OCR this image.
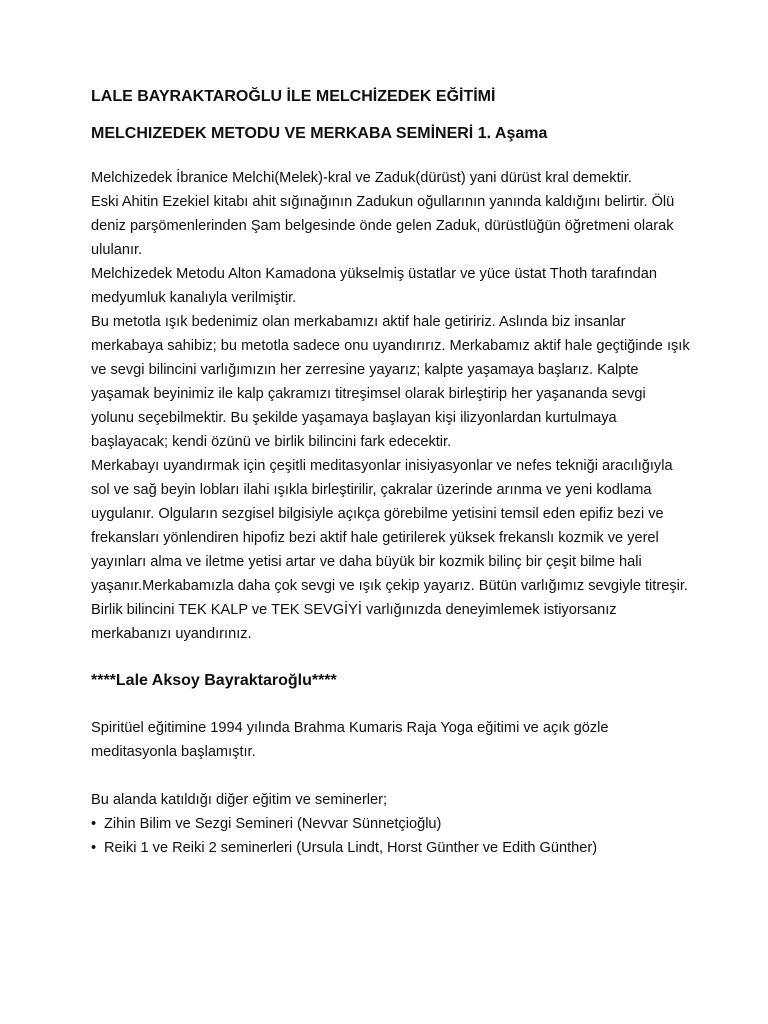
LALE BAYRAKTAROĞLU İLE MELCHİZEDEK EĞİTİMİ
MELCHIZEDEK METODU VE MERKABA SEMİNERİ 1. Aşama

Melchizedek İbranice Melchi(Melek)-kral ve Zaduk(dürüst) yani dürüst kral demektir.

Eski Ahitin Ezekiel kitabı ahit sığınağının Zadukun oğullarının yanında kaldığını belirtir. Ölü deniz parşömenlerinden Şam belgesinde önde gelen Zaduk, dürüstlüğün öğretmeni olarak ululanır.

Melchizedek Metodu Alton Kamadona yükselmiş üstatlar ve yüce üstat Thoth tarafından medyumluk kanalıyla verilmiştir.

Bu metotla ışık bedenimiz olan merkabamızı aktif hale getiririz. Aslında biz insanlar merkabaya sahibiz; bu metotla sadece onu uyandırırız. Merkabamız aktif hale geçtiğinde ışık ve sevgi bilincini varlığımızın her zerresine yayarız; kalpte yaşamaya başlarız. Kalpte yaşamak beyinimiz ile kalp çakramızı titreşimsel olarak birleştirip her yaşananda sevgi yolunu seçebilmektir. Bu şekilde yaşamaya başlayan kişi ilizyonlardan kurtulmaya başlayacak; kendi özünü ve birlik bilincini fark edecektir.

Merkabayı uyandırmak için çeşitli meditasyonlar inisiyasyonlar ve nefes tekniği aracılığıyla sol ve sağ beyin lobları ilahi ışıkla birleştirilir, çakralar üzerinde arınma ve yeni kodlama uygulanır. Olguların sezgisel bilgisiyle açıkça görebilme yetisini temsil eden epifiz bezi ve frekansları yönlendiren hipofiz bezi aktif hale getirilerek yüksek frekanslı kozmik ve yerel yayınları alma ve iletme yetisi artar ve daha büyük bir kozmik bilinç bir çeşit bilme hali yaşanır.Merkabamızla daha çok sevgi ve ışık çekip yayarız. Bütün varlığımız sevgiyle titreşir.

Birlik bilincini TEK KALP ve TEK SEVGİYİ varlığınızda deneyimlemek istiyorsanız merkabanızı uyandırınız.

****Lale Aksoy Bayraktaroğlu****

Spiritüel eğitimine 1994 yılında Brahma Kumaris Raja Yoga eğitimi ve açık gözle meditasyonla başlamıştır.

Bu alanda katıldığı diğer eğitim ve seminerler;

• Zihin Bilim ve Sezgi Semineri (Nevvar Sünnetçioğlu)
• Reiki 1 ve Reiki 2 seminerleri (Ursula Lindt, Horst Günther ve Edith Günther)
